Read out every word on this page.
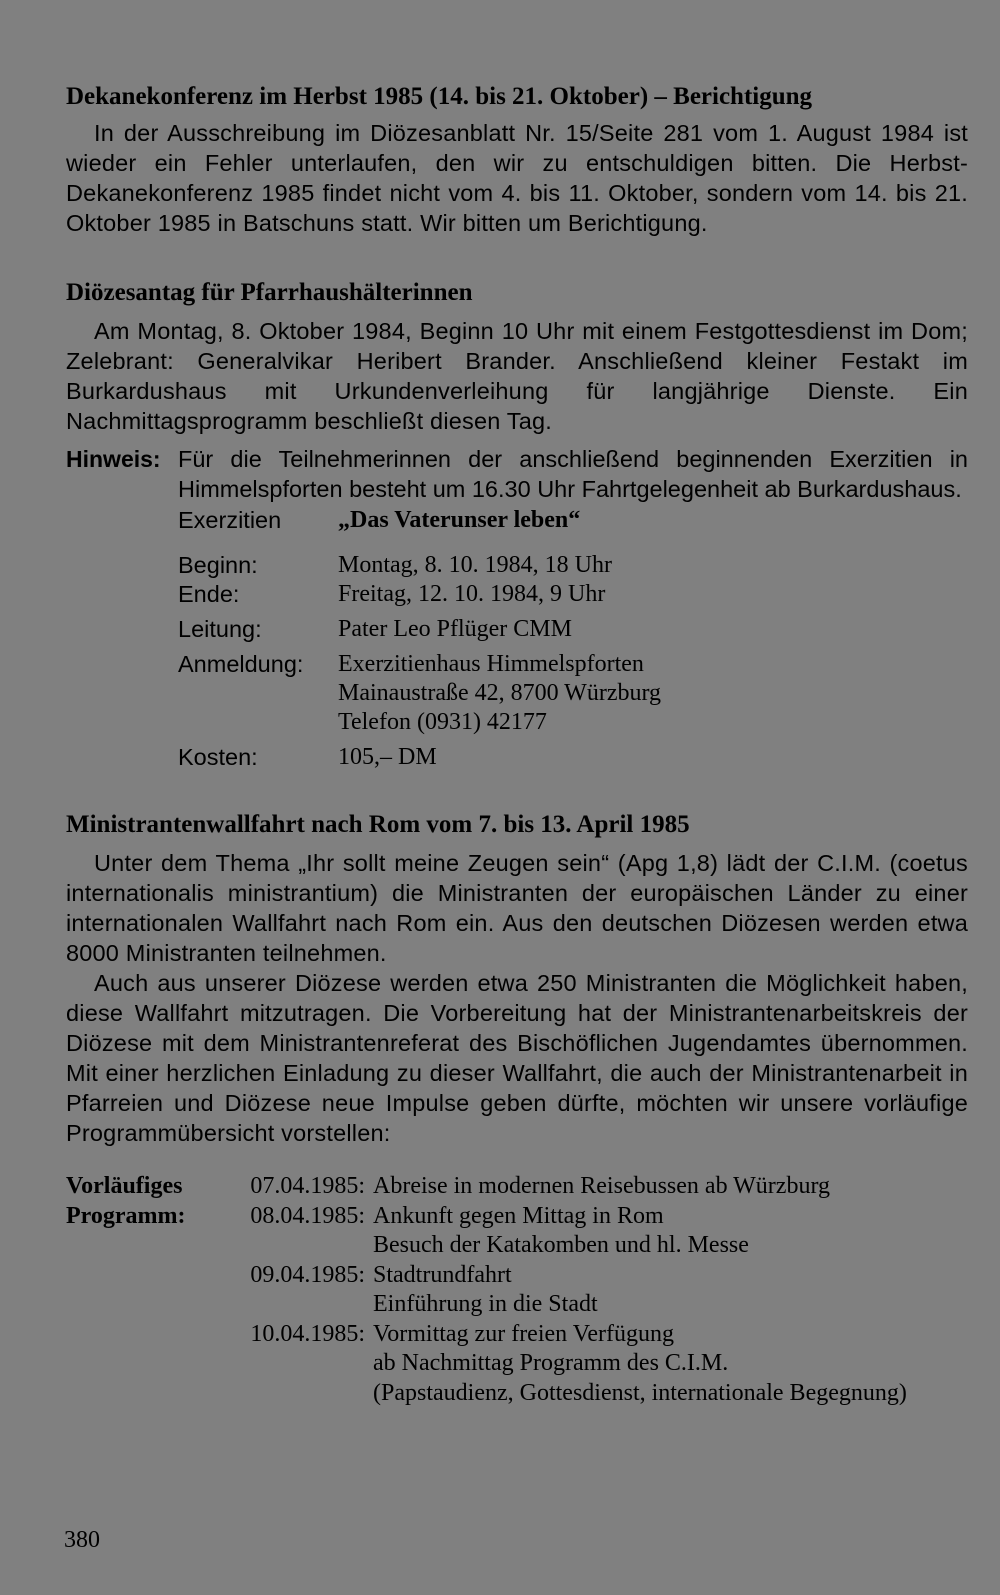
Dekanekonferenz im Herbst 1985 (14. bis 21. Oktober) – Berichtigung

In der Ausschreibung im Diözesanblatt Nr. 15/Seite 281 vom 1. August 1984 ist wieder ein Fehler unterlaufen, den wir zu entschuldigen bitten. Die Herbst-Dekanekonferenz 1985 findet nicht vom 4. bis 11. Oktober, sondern vom 14. bis 21. Oktober 1985 in Batschuns statt. Wir bitten um Berichtigung.

Diözesantag für Pfarrhaushälterinnen

Am Montag, 8. Oktober 1984, Beginn 10 Uhr mit einem Festgottesdienst im Dom; Zelebrant: Generalvikar Heribert Brander. Anschließend kleiner Festakt im Burkardushaus mit Urkundenverleihung für langjährige Dienste. Ein Nachmittagsprogramm beschließt diesen Tag.

Hinweis: Für die Teilnehmerinnen der anschließend beginnenden Exerzitien in Himmelspforten besteht um 16.30 Uhr Fahrtgelegenheit ab Burkardushaus.
Exerzitien	„Das Vaterunser leben“
Beginn:	Montag, 8. 10. 1984, 18 Uhr
Ende:	Freitag, 12. 10. 1984, 9 Uhr
Leitung:	Pater Leo Pflüger CMM
Anmeldung:	Exerzitienhaus Himmelspforten
Mainaustraße 42, 8700 Würzburg
Telefon (0931) 42177
Kosten:	105,– DM
Ministrantenwallfahrt nach Rom vom 7. bis 13. April 1985

Unter dem Thema „Ihr sollt meine Zeugen sein“ (Apg 1,8) lädt der C.I.M. (coetus internationalis ministrantium) die Ministranten der europäischen Länder zu einer internationalen Wallfahrt nach Rom ein. Aus den deutschen Diözesen werden etwa 8000 Ministranten teilnehmen.

Auch aus unserer Diözese werden etwa 250 Ministranten die Möglichkeit haben, diese Wallfahrt mitzutragen. Die Vorbereitung hat der Ministrantenarbeitskreis der Diözese mit dem Ministrantenreferat des Bischöflichen Jugendamtes übernommen. Mit einer herzlichen Einladung zu dieser Wallfahrt, die auch der Ministrantenarbeit in Pfarreien und Diözese neue Impulse geben dürfte, möchten wir unsere vorläufige Programmübersicht vorstellen:

Vorläufiges	07.04.1985: Abreise in modernen Reisebussen ab Würzburg
Programm:	08.04.1985: Ankunft gegen Mittag in Rom
Besuch der Katakomben und hl. Messe
09.04.1985: Stadtrundfahrt
Einführung in die Stadt
10.04.1985: Vormittag zur freien Verfügung
ab Nachmittag Programm des C.I.M.
(Papstaudienz, Gottesdienst, internationale Begegnung)
380
